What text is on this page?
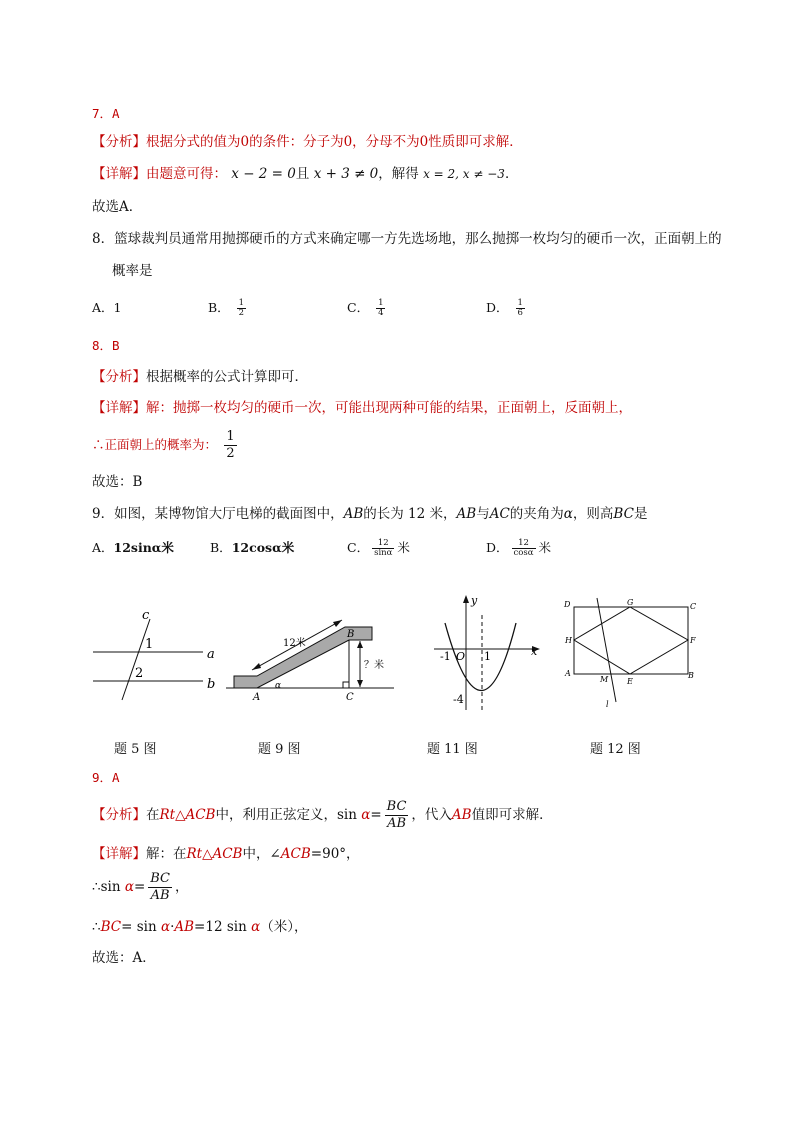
7．A
【分析】根据分式的值为0的条件：分子为0，分母不为0性质即可求解．
【详解】由题意可得： x − 2 = 0且 x + 3 ≠ 0，解得 x = 2, x ≠ −3．
故选A．
8．篮球裁判员通常用抛掷硬币的方式来确定哪一方先选场地，那么抛掷一枚均匀的硬币一次，正面朝上的
概率是
A．1	B． $\frac{1}{2}$	C． $\frac{1}{4}$	D． $\frac{1}{6}$
8．B
【分析】根据概率的公式计算即可．
【详解】解：抛掷一枚均匀的硬币一次，可能出现两种可能的结果，正面朝上，反面朝上，
∴正面朝上的概率为： $\frac{1}{2}$
故选：B
9．如图，某博物馆大厅电梯的截面图中，AB的长为 12 米，AB与AC的夹角为α，则高BC是
A．12sinα米	B．12cosα米	C． $\frac{12}{\sin\alpha}$ 米	D． $\frac{12}{\cos\alpha}$ 米
c
1
2
a
b
12米
？米
A
B
C
α
y
x
O
-1	1
-4
D	G	C
H	F
A
M E
B
l
题 5 图	题 9 图	题 11 图	题 12 图
9．A
【分析】在Rt△ACB中，利用正弦定义，$\sin \alpha= \frac{BC}{AB}$ ，代入AB值即可求解．
【详解】解：在Rt△ACB中，∠ACB=90°，
∴sin $\alpha= \frac{BC}{AB}$ ，
∴BC= sin α·AB=12 sin α（米），
故选：A．
